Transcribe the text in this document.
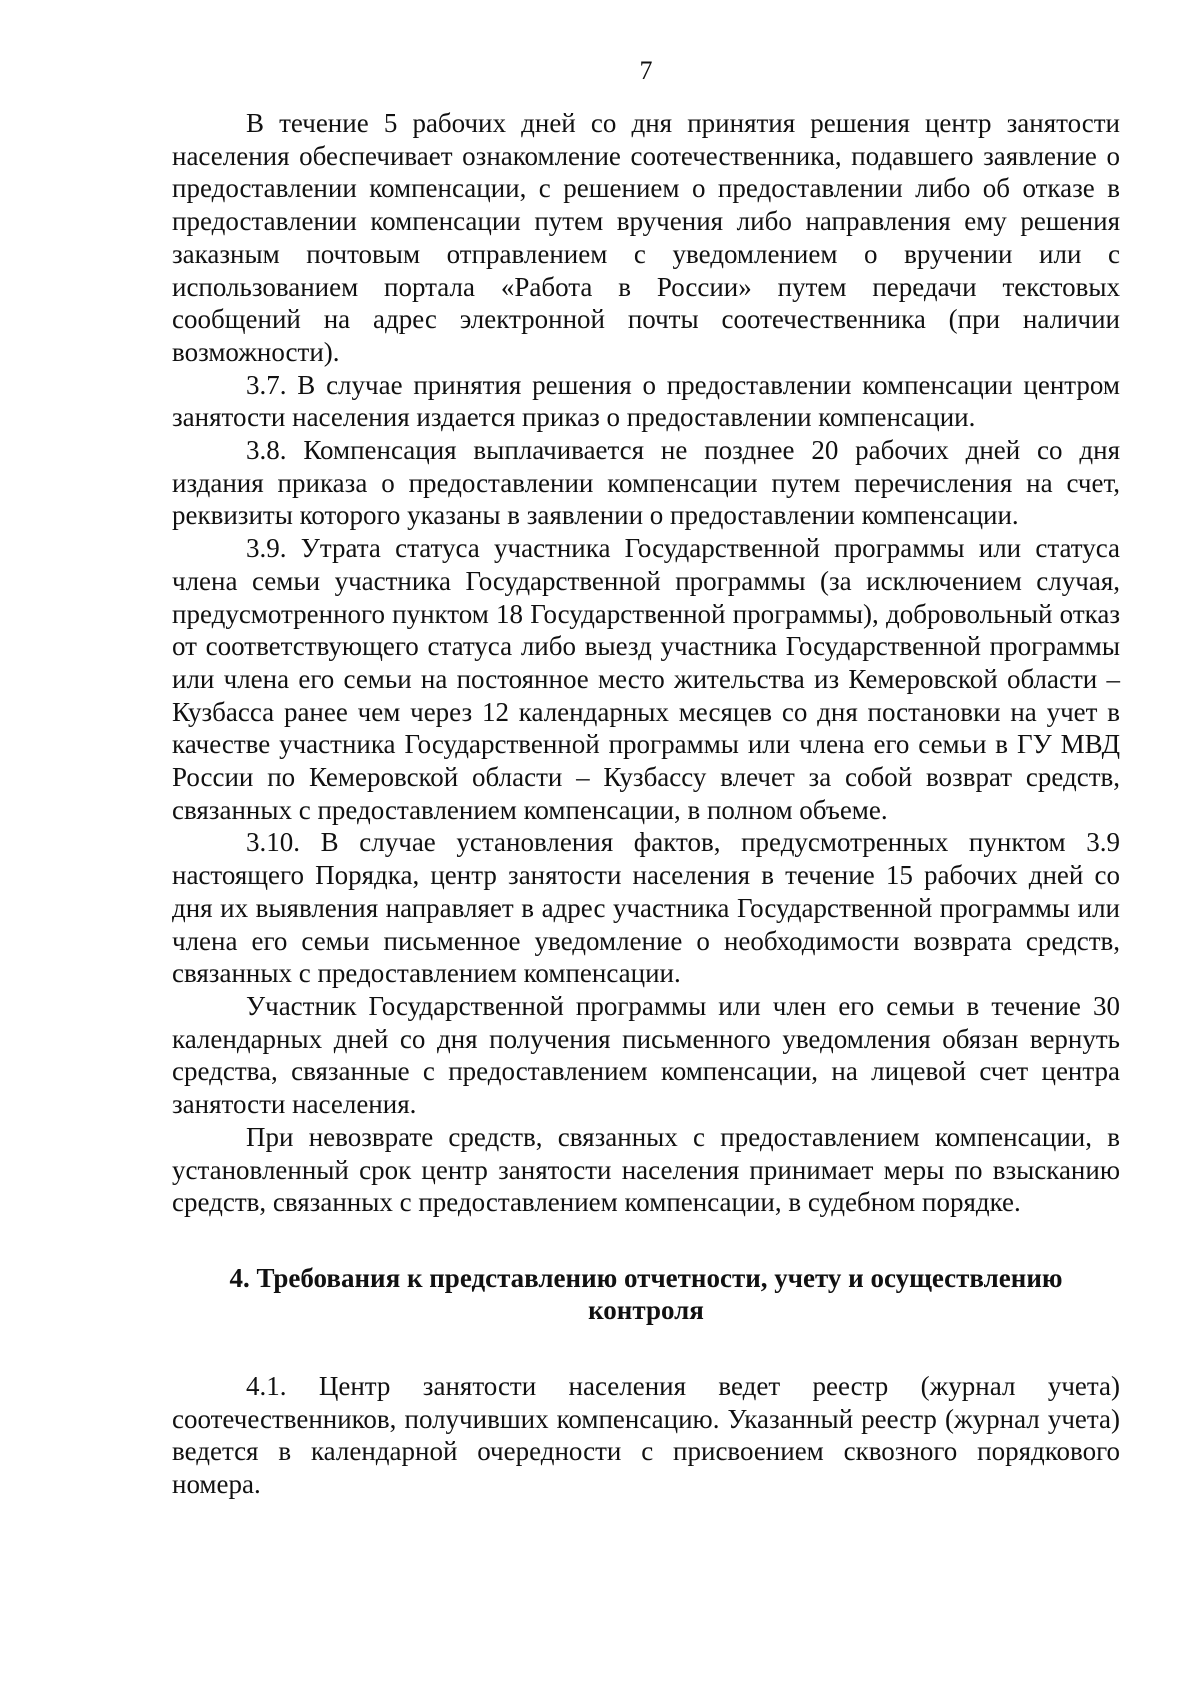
7

В течение 5 рабочих дней со дня принятия решения центр занятости населения обеспечивает ознакомление соотечественника, подавшего заявление о предоставлении компенсации, с решением о предоставлении либо об отказе в предоставлении компенсации путем вручения либо направления ему решения заказным почтовым отправлением с уведомлением о вручении или с использованием портала «Работа в России» путем передачи текстовых сообщений на адрес электронной почты соотечественника (при наличии возможности).

3.7. В случае принятия решения о предоставлении компенсации центром занятости населения издается приказ о предоставлении компенсации.

3.8. Компенсация выплачивается не позднее 20 рабочих дней со дня издания приказа о предоставлении компенсации путем перечисления на счет, реквизиты которого указаны в заявлении о предоставлении компенсации.

3.9. Утрата статуса участника Государственной программы или статуса члена семьи участника Государственной программы (за исключением случая, предусмотренного пунктом 18 Государственной программы), добровольный отказ от соответствующего статуса либо выезд участника Государственной программы или члена его семьи на постоянное место жительства из Кемеровской области – Кузбасса ранее чем через 12 календарных месяцев со дня постановки на учет в качестве участника Государственной программы или члена его семьи в ГУ МВД России по Кемеровской области – Кузбассу влечет за собой возврат средств, связанных с предоставлением компенсации, в полном объеме.

3.10. В случае установления фактов, предусмотренных пунктом 3.9 настоящего Порядка, центр занятости населения в течение 15 рабочих дней со дня их выявления направляет в адрес участника Государственной программы или члена его семьи письменное уведомление о необходимости возврата средств, связанных с предоставлением компенсации.

Участник Государственной программы или член его семьи в течение 30 календарных дней со дня получения письменного уведомления обязан вернуть средства, связанные с предоставлением компенсации, на лицевой счет центра занятости населения.

При невозврате средств, связанных с предоставлением компенсации, в установленный срок центр занятости населения принимает меры по взысканию средств, связанных с предоставлением компенсации, в судебном порядке.

4. Требования к представлению отчетности, учету и осуществлению
контроля

4.1. Центр занятости населения ведет реестр (журнал учета) соотечественников, получивших компенсацию. Указанный реестр (журнал учета) ведется в календарной очередности с присвоением сквозного порядкового номера.
